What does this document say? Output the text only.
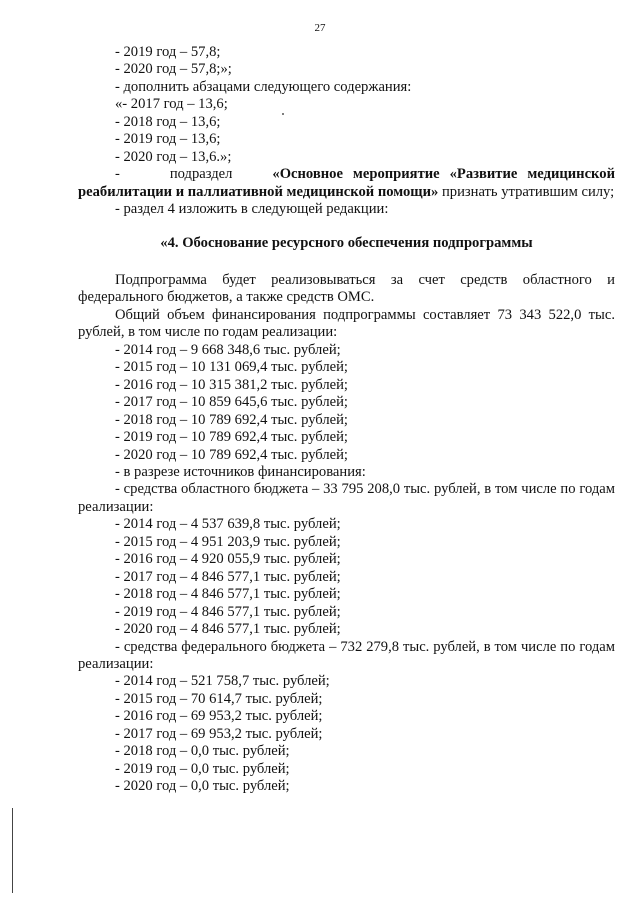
27

- 2019 год – 57,8;

- 2020 год – 57,8;»;

- дополнить абзацами следующего содержания:

«- 2017 год – 13,6;

- 2018 год – 13,6;

- 2019 год – 13,6;

- 2020 год – 13,6.»;

-     подраздел    «Основное мероприятие «Развитие медицинской реабилитации и паллиативной медицинской помощи» признать утратившим силу;

- раздел 4 изложить в следующей редакции:

«4. Обоснование ресурсного обеспечения подпрограммы

Подпрограмма будет реализовываться за счет средств областного и федерального бюджетов, а также средств ОМС.

Общий объем финансирования подпрограммы составляет 73 343 522,0 тыс. рублей, в том числе по годам реализации:

- 2014 год – 9 668 348,6 тыс. рублей;

- 2015 год – 10 131 069,4 тыс. рублей;

- 2016 год – 10 315 381,2 тыс. рублей;

- 2017 год – 10 859 645,6 тыс. рублей;

- 2018 год – 10 789 692,4 тыс. рублей;

- 2019 год – 10 789 692,4 тыс. рублей;

- 2020 год – 10 789 692,4 тыс. рублей;

- в разрезе источников финансирования:

- средства областного бюджета – 33 795 208,0 тыс. рублей, в том числе по годам реализации:

- 2014 год – 4 537 639,8 тыс. рублей;

- 2015 год – 4 951 203,9 тыс. рублей;

- 2016 год – 4 920 055,9 тыс. рублей;

- 2017 год – 4 846 577,1 тыс. рублей;

- 2018 год – 4 846 577,1 тыс. рублей;

- 2019 год – 4 846 577,1 тыс. рублей;

- 2020 год – 4 846 577,1 тыс. рублей;

- средства федерального бюджета – 732 279,8 тыс. рублей, в том числе по годам реализации:

- 2014 год – 521 758,7 тыс. рублей;

- 2015 год – 70 614,7 тыс. рублей;

- 2016 год – 69 953,2 тыс. рублей;

- 2017 год – 69 953,2 тыс. рублей;

- 2018 год – 0,0 тыс. рублей;

- 2019 год – 0,0 тыс. рублей;

- 2020 год – 0,0 тыс. рублей;
